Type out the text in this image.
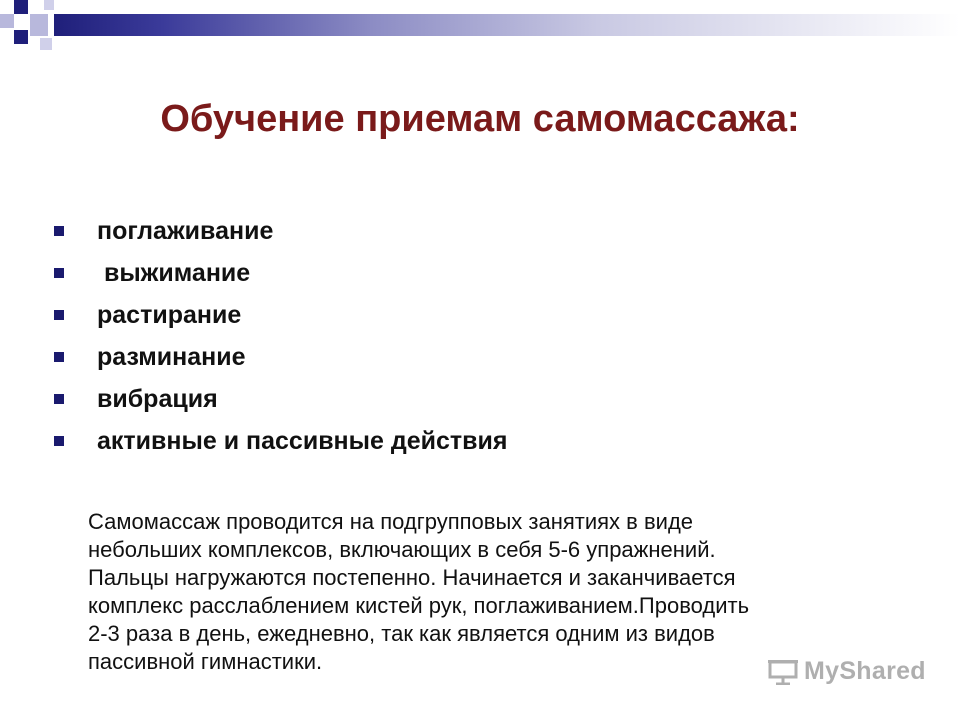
Обучение приемам самомассажа:
поглаживание
выжимание
растирание
разминание
вибрация
активные и пассивные действия

Самомассаж проводится на подгрупповых занятиях в виде
небольших комплексов, включающих в себя 5-6 упражнений.
Пальцы нагружаются постепенно. Начинается и заканчивается
комплекс расслаблением кистей рук, поглаживанием.Проводить
2-3 раза в день, ежедневно, так как является одним из видов
пассивной гимнастики.	MyShared
